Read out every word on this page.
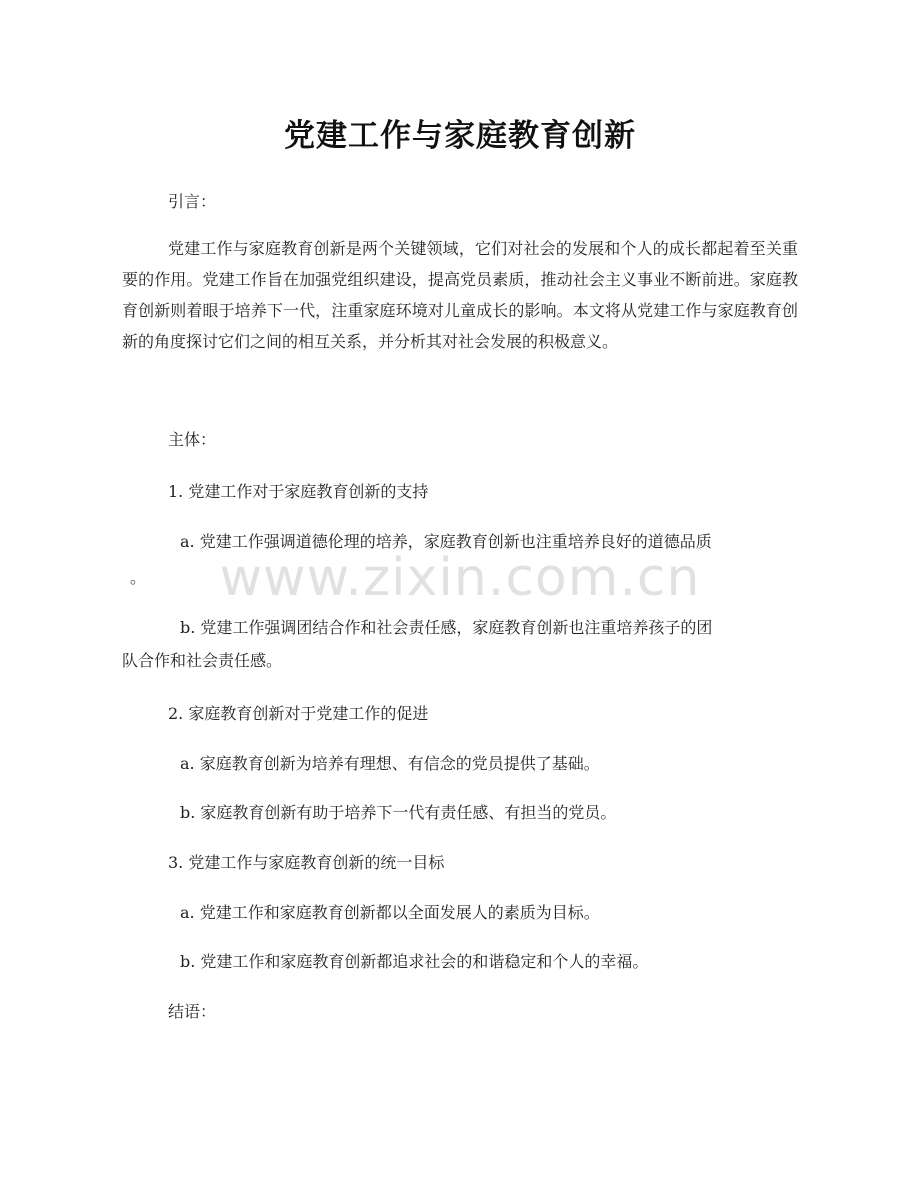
党建工作与家庭教育创新

引言：

党建工作与家庭教育创新是两个关键领域，它们对社会的发展和个人的成长都起着至关重要的作用。党建工作旨在加强党组织建设，提高党员素质，推动社会主义事业不断前进。家庭教育创新则着眼于培养下一代，注重家庭环境对儿童成长的影响。本文将从党建工作与家庭教育创新的角度探讨它们之间的相互关系，并分析其对社会发展的积极意义。

主体：

1. 党建工作对于家庭教育创新的支持

a. 党建工作强调道德伦理的培养，家庭教育创新也注重培养良好的道德品质

。

b. 党建工作强调团结合作和社会责任感，家庭教育创新也注重培养孩子的团

队合作和社会责任感。

2. 家庭教育创新对于党建工作的促进

a. 家庭教育创新为培养有理想、有信念的党员提供了基础。

b. 家庭教育创新有助于培养下一代有责任感、有担当的党员。

3. 党建工作与家庭教育创新的统一目标

a. 党建工作和家庭教育创新都以全面发展人的素质为目标。

b. 党建工作和家庭教育创新都追求社会的和谐稳定和个人的幸福。

结语：

www.zixin.com.cn
